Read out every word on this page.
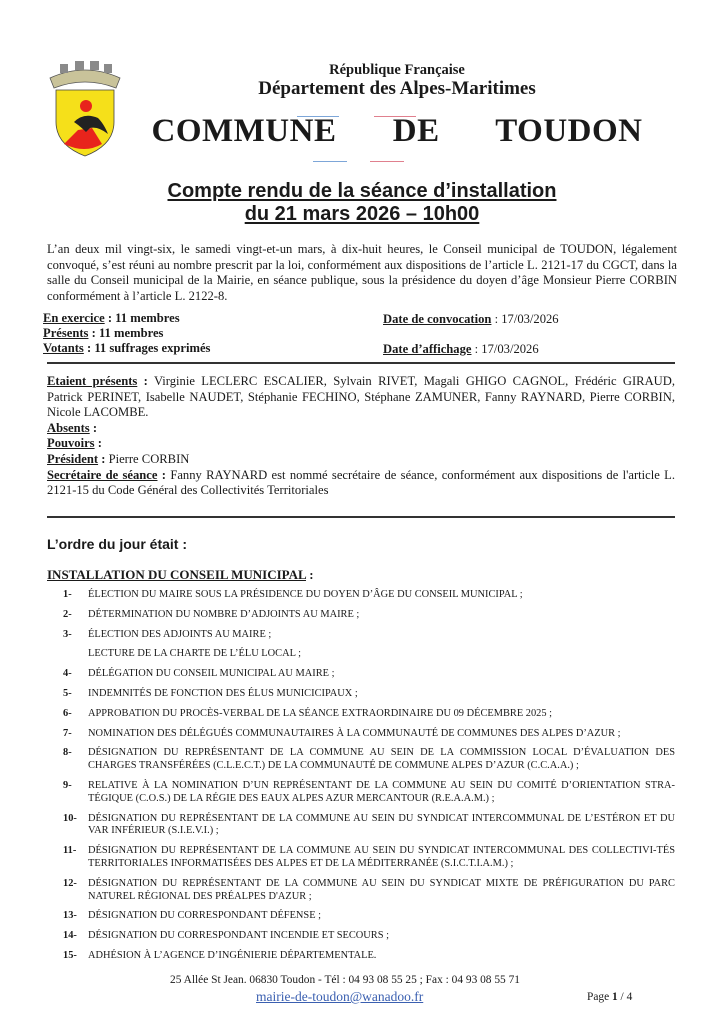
République Française
Département des Alpes-Maritimes
COMMUNE   DE   TOUDON
Compte rendu de la séance d’installation
du 21 mars 2026 – 10h00
L’an deux mil vingt-six, le samedi vingt-et-un mars, à dix-huit heures, le Conseil municipal de TOUDON, légalement convoqué, s’est réuni au nombre prescrit par la loi, conformément aux dispositions de l’article L. 2121-17 du CGCT, dans la salle du Conseil municipal de la Mairie, en séance publique, sous la présidence du doyen d’âge Monsieur Pierre CORBIN conformément à l’article L. 2122-8.
En exercice : 11 membres
Présents : 11 membres
Votants : 11 suffrages exprimés
Date de convocation : 17/03/2026
Date d’affichage : 17/03/2026
Etaient présents : Virginie LECLERC ESCALIER, Sylvain RIVET, Magali GHIGO CAGNOL, Frédéric GIRAUD, Patrick PERINET, Isabelle NAUDET, Stéphanie FECHINO, Stéphane ZAMUNER, Fanny RAYNARD, Pierre CORBIN, Nicole LACOMBE.
Absents :
Pouvoirs :
Président : Pierre CORBIN
Secrétaire de séance : Fanny RAYNARD est nommé secrétaire de séance, conformément aux dispositions de l'article L. 2121-15 du Code Général des Collectivités Territoriales
L’ordre du jour était :
INSTALLATION DU CONSEIL MUNICIPAL :
1-	ÉLECTION DU MAIRE SOUS LA PRÉSIDENCE DU DOYEN D’ÂGE DU CONSEIL MUNICIPAL ;
2-	DÉTERMINATION DU NOMBRE D’ADJOINTS AU MAIRE ;
3-	ÉLECTION DES ADJOINTS AU MAIRE ;
LECTURE DE LA CHARTE DE L’ÉLU LOCAL ;
4-	DÉLÉGATION DU CONSEIL MUNICIPAL AU MAIRE ;
5-	INDEMNITÉS DE FONCTION DES ÉLUS MUNICICIPAUX ;
6-	APPROBATION DU PROCÈS-VERBAL DE LA SÉANCE EXTRAORDINAIRE DU 09 DÉCEMBRE 2025 ;
7-	NOMINATION DES DÉLÉGUÉS COMMUNAUTAIRES À LA COMMUNAUTÉ DE COMMUNES DES ALPES D’AZUR ;
8-	DÉSIGNATION DU REPRÉSENTANT DE LA COMMUNE AU SEIN DE LA COMMISSION LOCAL D’ÉVALUATION DES CHARGES TRANSFÉRÉES (C.L.E.C.T.) DE LA COMMUNAUTÉ DE COMMUNE ALPES D’AZUR (C.C.A.A.) ;
9-	RELATIVE À LA NOMINATION D’UN REPRÉSENTANT DE LA COMMUNE AU SEIN DU COMITÉ D’ORIENTATION STRA-TÉGIQUE (C.O.S.) DE LA RÉGIE DES EAUX ALPES AZUR MERCANTOUR (R.E.A.A.M.) ;
10-	DÉSIGNATION DU REPRÉSENTANT DE LA COMMUNE AU SEIN DU SYNDICAT INTERCOMMUNAL DE L’ESTÉRON ET DU VAR INFÉRIEUR (S.I.E.V.I.) ;
11-	DÉSIGNATION DU REPRÉSENTANT DE LA COMMUNE AU SEIN DU SYNDICAT INTERCOMMUNAL DES COLLECTIVI-TÉS TERRITORIALES INFORMATISÉES DES ALPES ET DE LA MÉDITERRANÉE (S.I.C.T.I.A.M.) ;
12-	DÉSIGNATION DU REPRÉSENTANT DE LA COMMUNE AU SEIN DU SYNDICAT MIXTE DE PRÉFIGURATION DU PARC NATUREL RÉGIONAL DES PRÉALPES D'AZUR ;
13-	DÉSIGNATION DU CORRESPONDANT DÉFENSE ;
14-	DÉSIGNATION DU CORRESPONDANT INCENDIE ET SECOURS ;
15-	ADHÉSION À L’AGENCE D’INGÉNIERIE DÉPARTEMENTALE.
25 Allée St Jean. 06830 Toudon - Tél : 04 93 08 55 25 ; Fax : 04 93 08 55 71
mairie-de-toudon@wanadoo.fr	Page 1 / 4
